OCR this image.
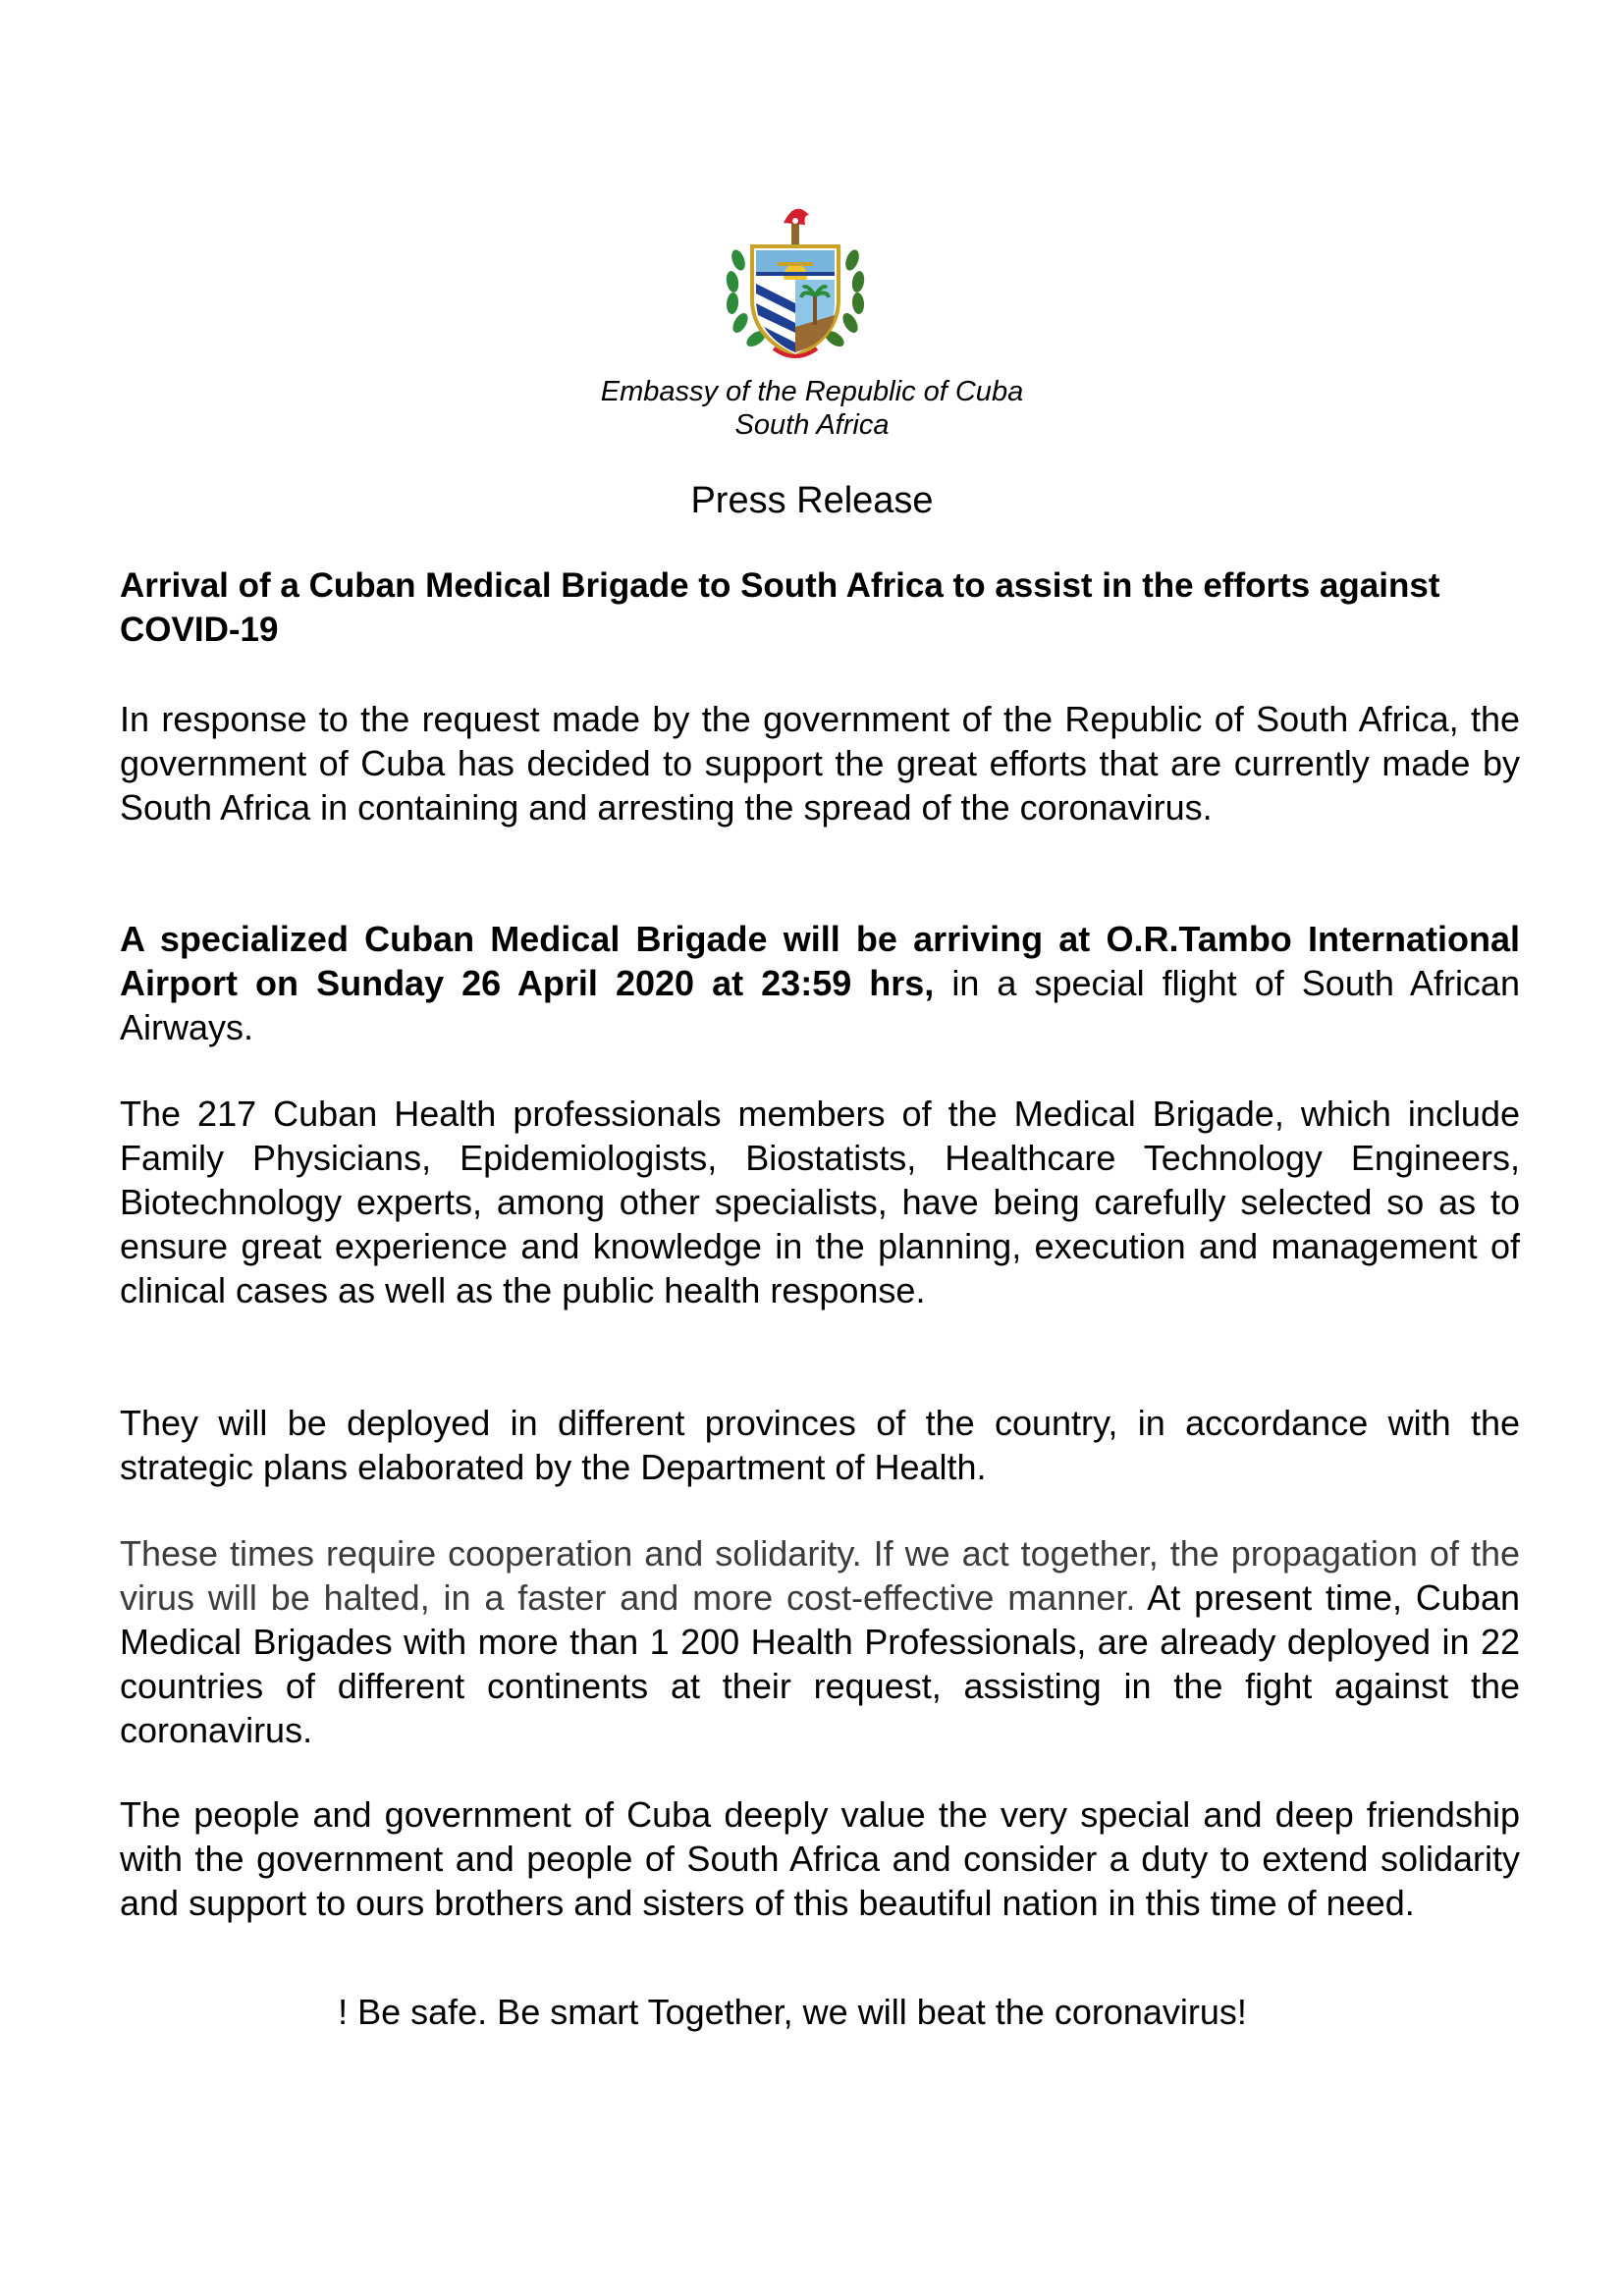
Embassy of the Republic of Cuba
South Africa
Press Release
Arrival of a Cuban Medical Brigade to South Africa to assist in the efforts against COVID-19

In response to the request made by the government of the Republic of South Africa, the government of Cuba has decided to support the great efforts that are currently made by South Africa in containing and arresting the spread of the coronavirus.

A specialized Cuban Medical Brigade will be arriving at O.R.Tambo International Airport on Sunday 26 April 2020 at 23:59 hrs, in a special flight of South African Airways.

The 217 Cuban Health professionals members of the Medical Brigade, which include Family Physicians, Epidemiologists, Biostatists, Healthcare Technology Engineers, Biotechnology experts, among other specialists, have being carefully selected so as to ensure great experience and knowledge in the planning, execution and management of clinical cases as well as the public health response.

They will be deployed in different provinces of the country, in accordance with the strategic plans elaborated by the Department of Health.

These times require cooperation and solidarity. If we act together, the propagation of the virus will be halted, in a faster and more cost-effective manner. At present time, Cuban Medical Brigades with more than 1 200 Health Professionals, are already deployed in 22 countries of different continents at their request, assisting in the fight against the coronavirus.

The people and government of Cuba deeply value the very special and deep friendship with the government and people of South Africa and consider a duty to extend solidarity and support to ours brothers and sisters of this beautiful nation in this time of need.

! Be safe. Be smart Together, we will beat the coronavirus!
